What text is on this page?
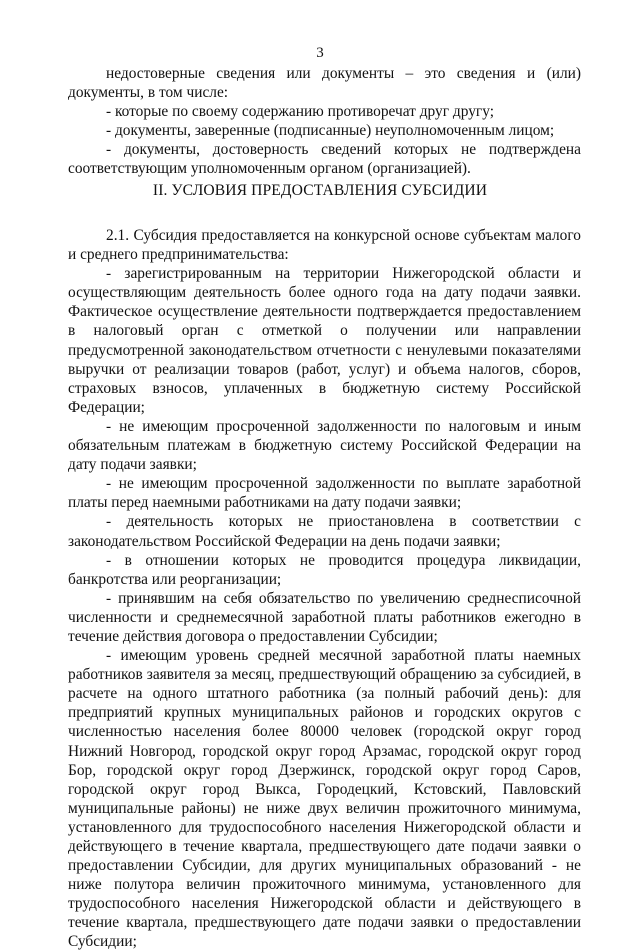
3

недостоверные сведения или документы – это сведения и (или) документы, в том числе:

- которые по своему содержанию противоречат друг другу;

- документы, заверенные (подписанные) неуполномоченным лицом;

- документы, достоверность сведений которых не подтверждена соответствующим уполномоченным органом (организацией).

II. УСЛОВИЯ ПРЕДОСТАВЛЕНИЯ СУБСИДИИ

2.1. Субсидия предоставляется на конкурсной основе субъектам малого и среднего предпринимательства:

- зарегистрированным на территории Нижегородской области и осуществляющим деятельность более одного года на дату подачи заявки. Фактическое осуществление деятельности подтверждается предоставлением в налоговый орган с отметкой о получении или направлении предусмотренной законодательством отчетности с ненулевыми показателями выручки от реализации товаров (работ, услуг) и объема налогов, сборов, страховых взносов, уплаченных в бюджетную систему Российской Федерации;

- не имеющим просроченной задолженности по налоговым и иным обязательным платежам в бюджетную систему Российской Федерации на дату подачи заявки;

- не имеющим просроченной задолженности по выплате заработной платы перед наемными работниками на дату подачи заявки;

- деятельность которых не приостановлена в соответствии с законодательством Российской Федерации на день подачи заявки;

- в отношении которых не проводится процедура ликвидации, банкротства или реорганизации;

- принявшим на себя обязательство по увеличению среднесписочной численности и среднемесячной заработной платы работников ежегодно в течение действия договора о предоставлении Субсидии;

- имеющим уровень средней месячной заработной платы наемных работников заявителя за месяц, предшествующий обращению за субсидией, в расчете на одного штатного работника (за полный рабочий день): для предприятий крупных муниципальных районов и городских округов с численностью населения более 80000 человек (городской округ город Нижний Новгород, городской округ город Арзамас, городской округ город Бор, городской округ город Дзержинск, городской округ город Саров, городской округ город Выкса, Городецкий, Кстовский, Павловский муниципальные районы) не ниже двух величин прожиточного минимума, установленного для трудоспособного населения Нижегородской области и действующего в течение квартала, предшествующего дате подачи заявки о предоставлении Субсидии, для других муниципальных образований - не ниже полутора величин прожиточного минимума, установленного для трудоспособного населения Нижегородской области и действующего в течение квартала, предшествующего дате подачи заявки о предоставлении Субсидии;
